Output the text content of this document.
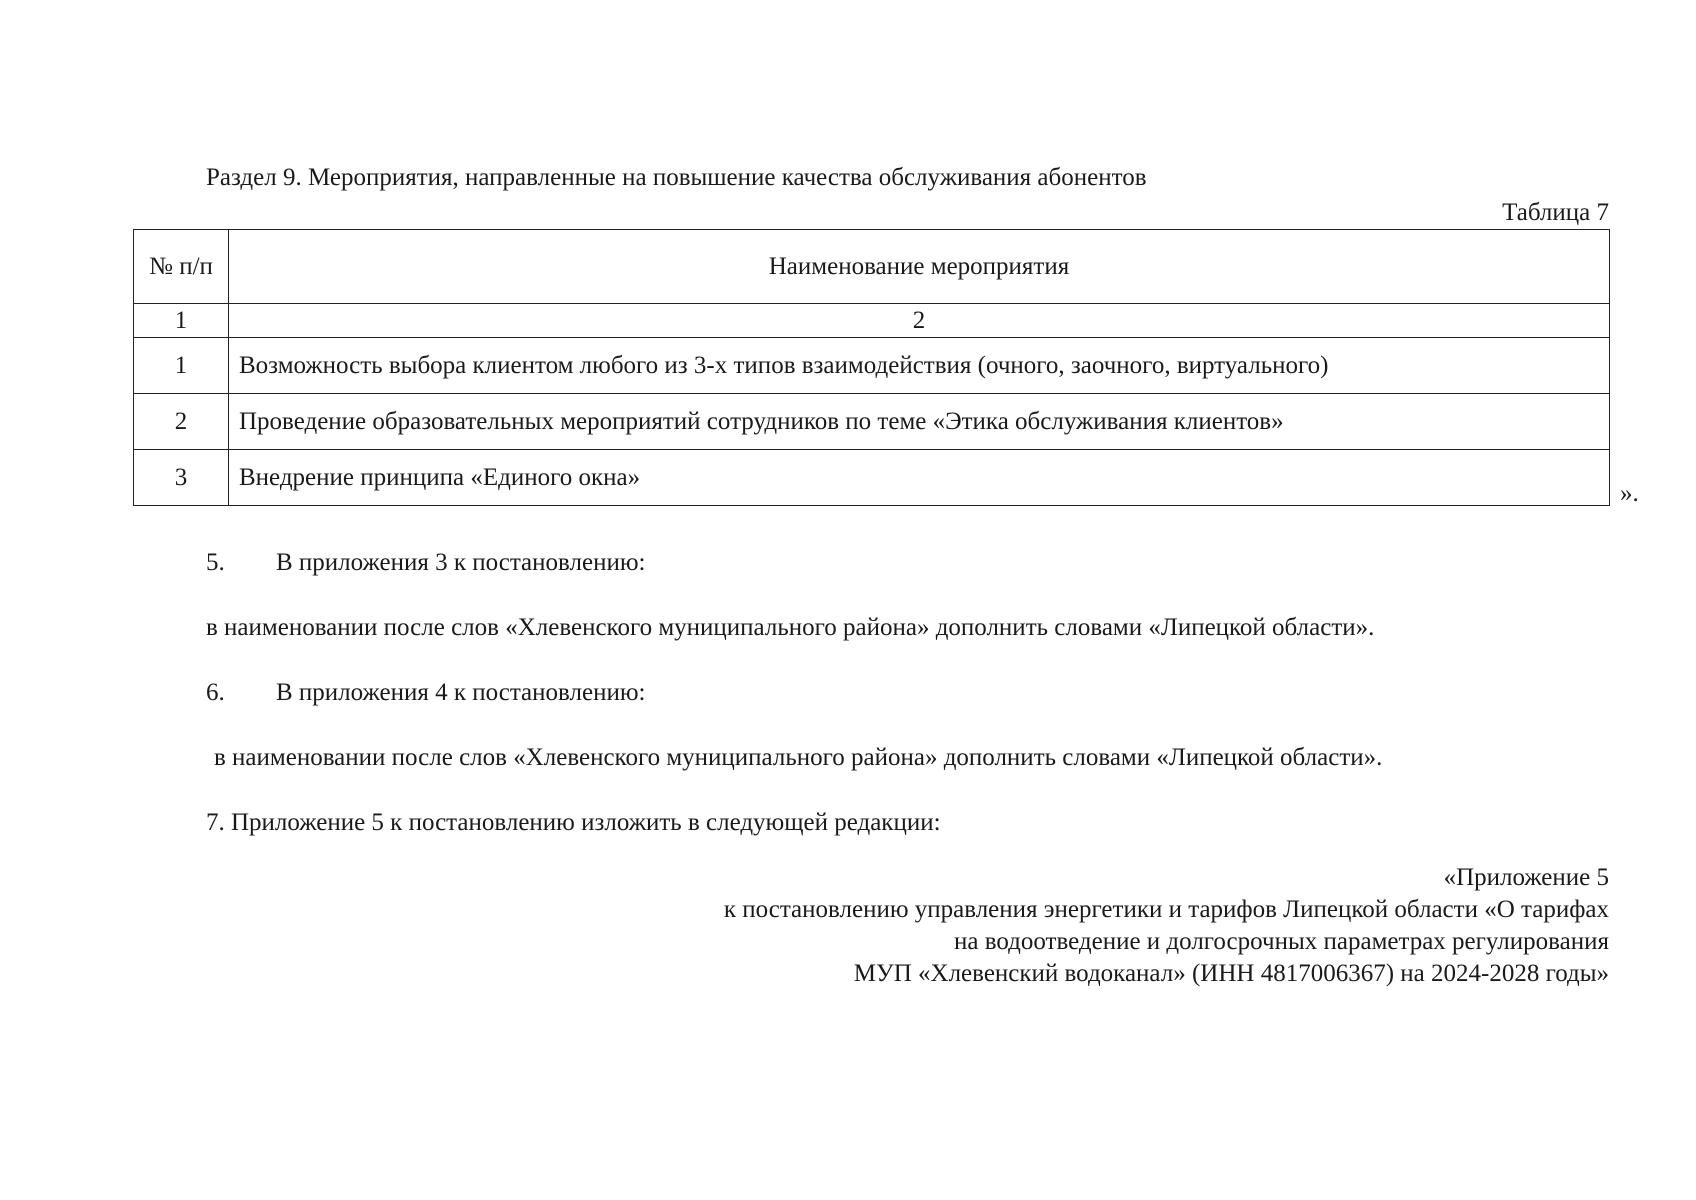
Раздел 9. Мероприятия, направленные на повышение качества обслуживания абонентов
Таблица 7
№ п/п	Наименование мероприятия
1	2
1	Возможность выбора клиентом любого из 3-х типов взаимодействия (очного, заочного, виртуального)
2	Проведение образовательных мероприятий сотрудников по теме «Этика обслуживания клиентов»
3	Внедрение принципа «Единого окна»
».
5. В приложения 3 к постановлению:
в наименовании после слов «Хлевенского муниципального района» дополнить словами «Липецкой области».
6. В приложения 4 к постановлению:
в наименовании после слов «Хлевенского муниципального района» дополнить словами «Липецкой области».
7. Приложение 5 к постановлению изложить в следующей редакции:
«Приложение 5
к постановлению управления энергетики и тарифов Липецкой области «О тарифах
на водоотведение и долгосрочных параметрах регулирования
МУП «Хлевенский водоканал» (ИНН 4817006367) на 2024-2028 годы»
